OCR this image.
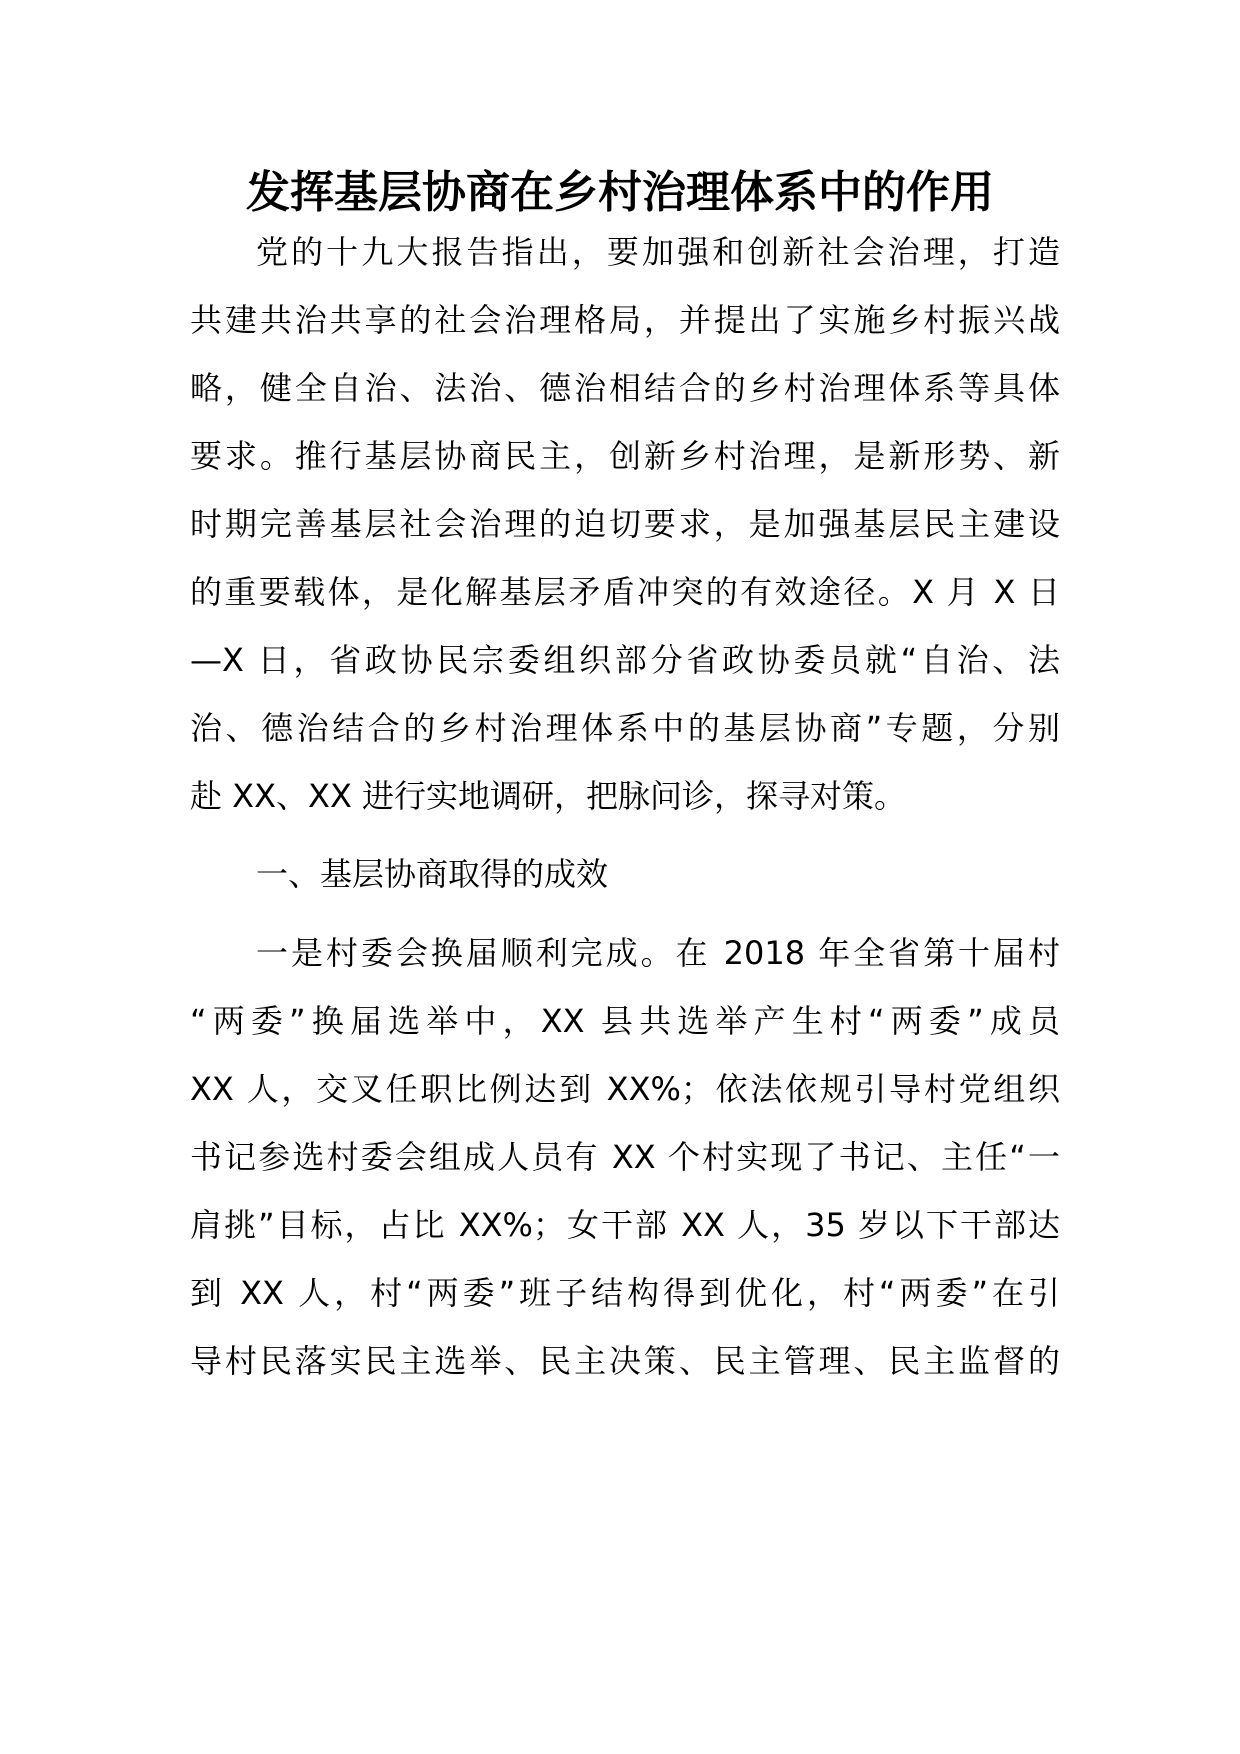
发挥基层协商在乡村治理体系中的作用
党的十九大报告指出，要加强和创新社会治理，打造
共建共治共享的社会治理格局，并提出了实施乡村振兴战
略，健全自治、法治、德治相结合的乡村治理体系等具体
要求。推行基层协商民主，创新乡村治理，是新形势、新
时期完善基层社会治理的迫切要求，是加强基层民主建设
的重要载体，是化解基层矛盾冲突的有效途径。X 月 X 日
—X 日，省政协民宗委组织部分省政协委员就“自治、法
治、德治结合的乡村治理体系中的基层协商”专题，分别
赴 XX、XX 进行实地调研，把脉问诊，探寻对策。
一、基层协商取得的成效
一是村委会换届顺利完成。在 2018 年全省第十届村
“两委”换届选举中，XX 县共选举产生村“两委”成员
XX 人，交叉任职比例达到 XX%；依法依规引导村党组织
书记参选村委会组成人员有 XX 个村实现了书记、主任“一
肩挑”目标，占比 XX%；女干部 XX 人，35 岁以下干部达
到 XX 人，村“两委”班子结构得到优化，村“两委”在引
导村民落实民主选举、民主决策、民主管理、民主监督的
